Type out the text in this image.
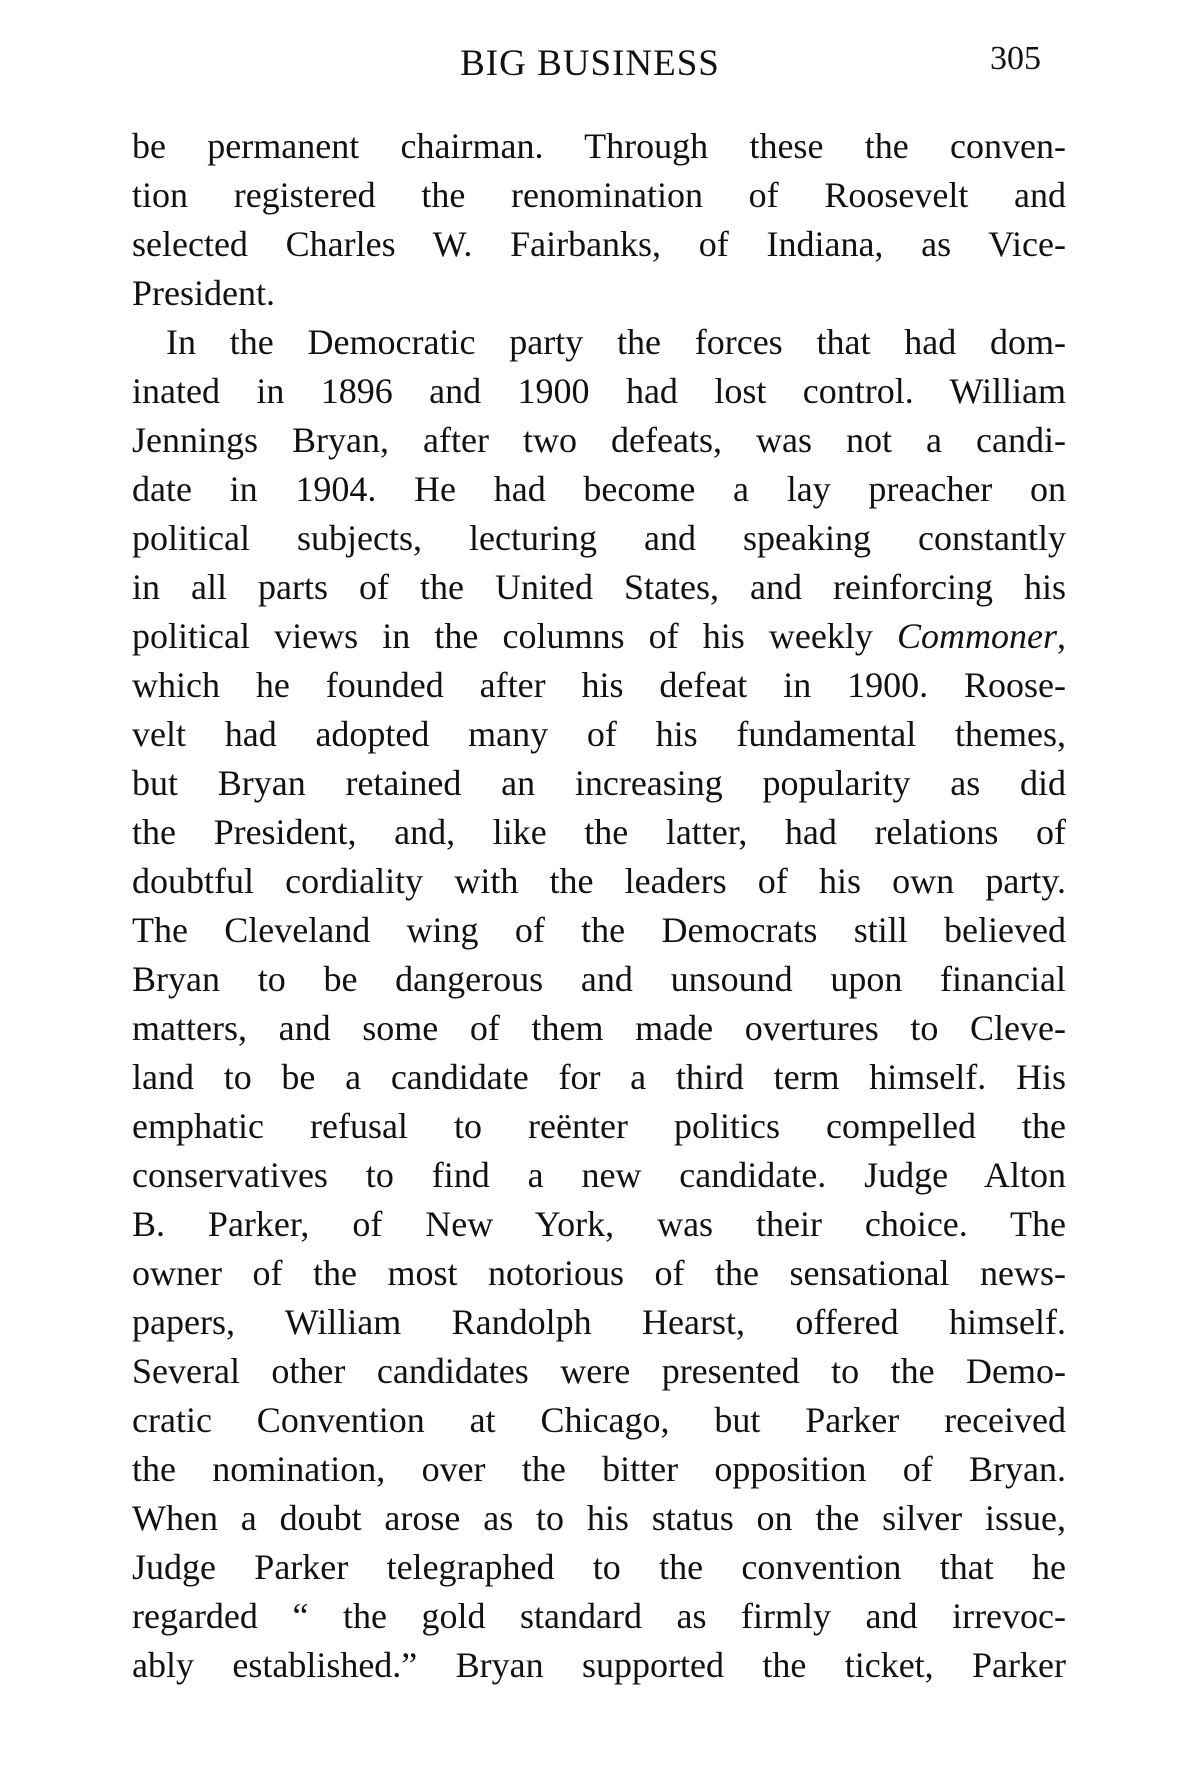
BIG BUSINESS	305
be permanent chairman. Through these the conven-
tion registered the renomination of Roosevelt and
selected Charles W. Fairbanks, of Indiana, as Vice-
President.
In the Democratic party the forces that had dom-
inated in 1896 and 1900 had lost control. William
Jennings Bryan, after two defeats, was not a candi-
date in 1904. He had become a lay preacher on
political subjects, lecturing and speaking constantly
in all parts of the United States, and reinforcing his
political views in the columns of his weekly Commoner,
which he founded after his defeat in 1900. Roose-
velt had adopted many of his fundamental themes,
but Bryan retained an increasing popularity as did
the President, and, like the latter, had relations of
doubtful cordiality with the leaders of his own party.
The Cleveland wing of the Democrats still believed
Bryan to be dangerous and unsound upon financial
matters, and some of them made overtures to Cleve-
land to be a candidate for a third term himself. His
emphatic refusal to reënter politics compelled the
conservatives to find a new candidate. Judge Alton
B. Parker, of New York, was their choice. The
owner of the most notorious of the sensational news-
papers, William Randolph Hearst, offered himself.
Several other candidates were presented to the Demo-
cratic Convention at Chicago, but Parker received
the nomination, over the bitter opposition of Bryan.
When a doubt arose as to his status on the silver issue,
Judge Parker telegraphed to the convention that he
regarded “ the gold standard as firmly and irrevoc-
ably established.” Bryan supported the ticket, Parker
